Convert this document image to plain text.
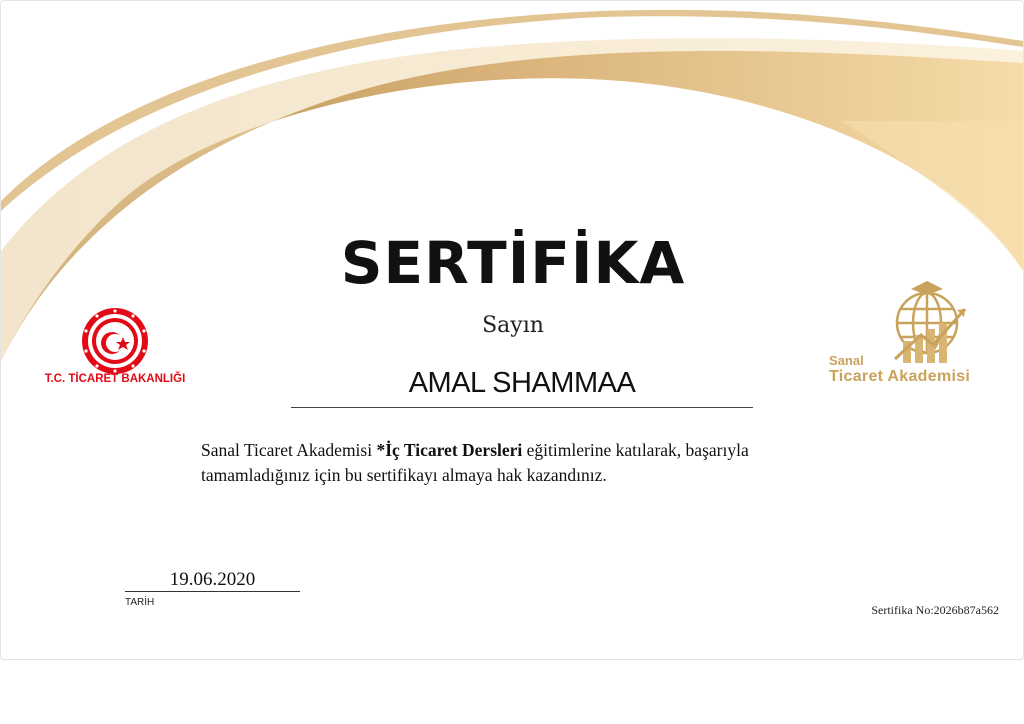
T.C. TİCARET BAKANLIĞI
Sanal
Ticaret Akademisi
SERTİFİKA
Sayın
AMAL SHAMMAA
Sanal Ticaret Akademisi *İç Ticaret Dersleri eğitimlerine katılarak, başarıyla
tamamladığınız için bu sertifikayı almaya hak kazandınız.
19.06.2020
TARİH
Sertifika No:2026b87a562
